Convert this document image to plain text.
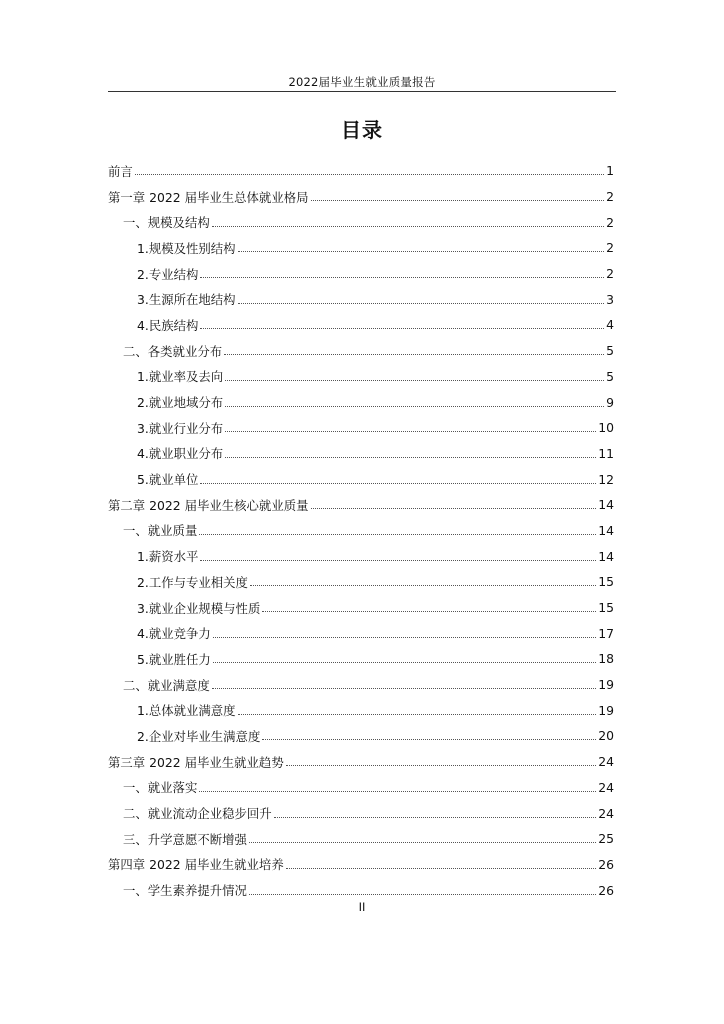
2022届毕业生就业质量报告
目录
前言	1
第一章 2022 届毕业生总体就业格局	2
一、规模及结构	2
1.规模及性别结构	2
2.专业结构	2
3.生源所在地结构	3
4.民族结构	4
二、各类就业分布	5
1.就业率及去向	5
2.就业地域分布	9
3.就业行业分布	10
4.就业职业分布	11
5.就业单位	12
第二章 2022 届毕业生核心就业质量	14
一、就业质量	14
1.薪资水平	14
2.工作与专业相关度	15
3.就业企业规模与性质	15
4.就业竞争力	17
5.就业胜任力	18
二、就业满意度	19
1.总体就业满意度	19
2.企业对毕业生满意度	20
第三章 2022 届毕业生就业趋势	24
一、就业落实	24
二、就业流动企业稳步回升	24
三、升学意愿不断增强	25
第四章 2022 届毕业生就业培养	26
一、学生素养提升情况	26
II
